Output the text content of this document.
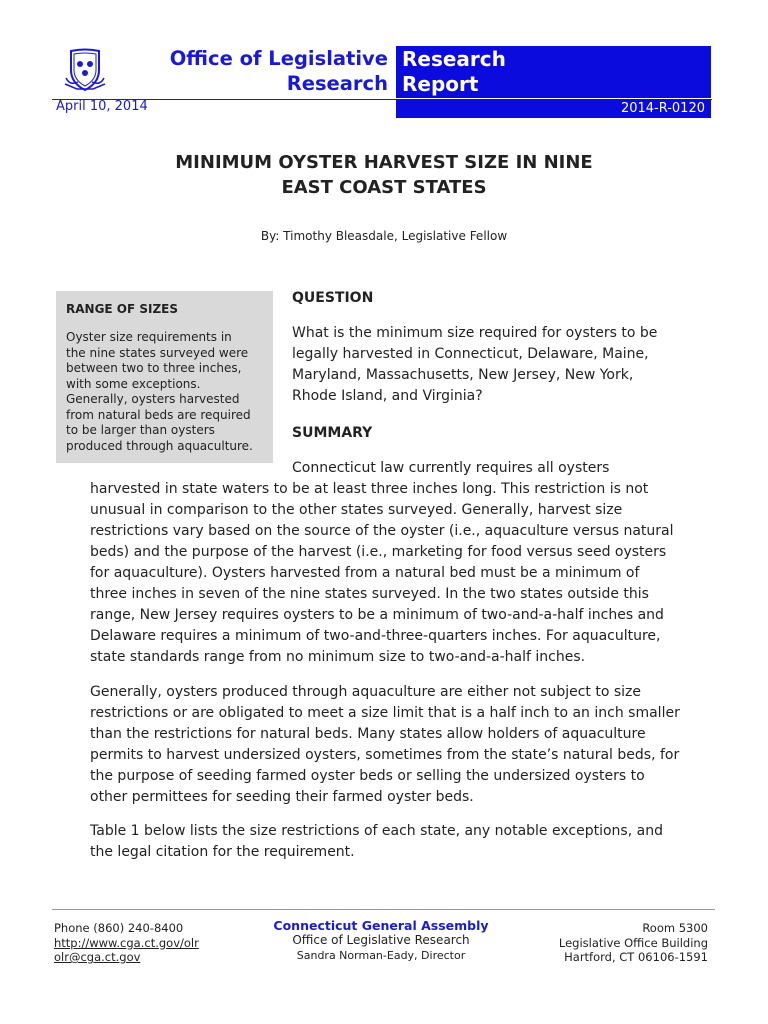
Office of Legislative
Research
Research
Report
April 10, 2014	2014-R-0120
MINIMUM OYSTER HARVEST SIZE IN NINE
EAST COAST STATES
By: Timothy Bleasdale, Legislative Fellow
RANGE OF SIZES
Oyster size requirements in
the nine states surveyed were
between two to three inches,
with some exceptions.
Generally, oysters harvested
from natural beds are required
to be larger than oysters
produced through aquaculture.
QUESTION
What is the minimum size required for oysters to be
legally harvested in Connecticut, Delaware, Maine,
Maryland, Massachusetts, New Jersey, New York,
Rhode Island, and Virginia?
SUMMARY
Connecticut law currently requires all oysters
harvested in state waters to be at least three inches long. This restriction is not
unusual in comparison to the other states surveyed. Generally, harvest size
restrictions vary based on the source of the oyster (i.e., aquaculture versus natural
beds) and the purpose of the harvest (i.e., marketing for food versus seed oysters
for aquaculture). Oysters harvested from a natural bed must be a minimum of
three inches in seven of the nine states surveyed. In the two states outside this
range, New Jersey requires oysters to be a minimum of two-and-a-half inches and
Delaware requires a minimum of two-and-three-quarters inches. For aquaculture,
state standards range from no minimum size to two-and-a-half inches.
Generally, oysters produced through aquaculture are either not subject to size
restrictions or are obligated to meet a size limit that is a half inch to an inch smaller
than the restrictions for natural beds. Many states allow holders of aquaculture
permits to harvest undersized oysters, sometimes from the state’s natural beds, for
the purpose of seeding farmed oyster beds or selling the undersized oysters to
other permittees for seeding their farmed oyster beds.
Table 1 below lists the size restrictions of each state, any notable exceptions, and
the legal citation for the requirement.
Phone (860) 240-8400
http://www.cga.ct.gov/olr
olr@cga.ct.gov
Connecticut General Assembly
Office of Legislative Research
Sandra Norman-Eady, Director
Room 5300
Legislative Office Building
Hartford, CT 06106-1591
